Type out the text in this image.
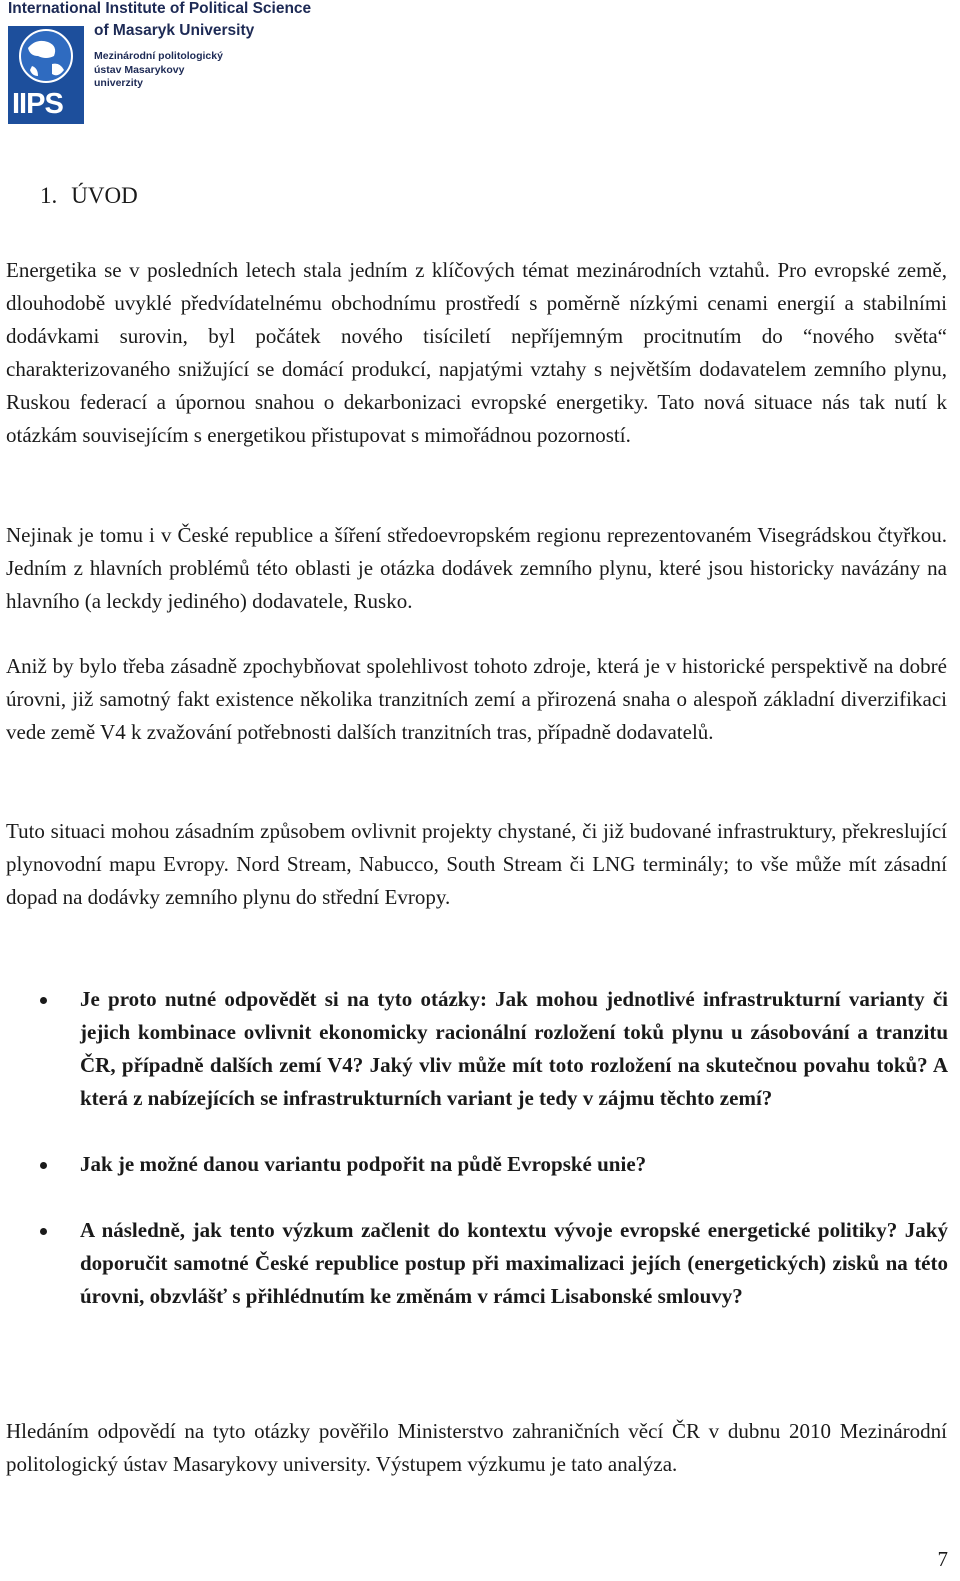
International Institute of Political Science
IIPS
of Masaryk University
Mezinárodní politologický
ústav Masarykovy
univerzity
1. ÚVOD

Energetika se v posledních letech stala jedním z klíčových témat mezinárodních vztahů. Pro evropské země, dlouhodobě uvyklé předvídatelnému obchodnímu prostředí s poměrně nízkými cenami energií a stabilními dodávkami surovin, byl počátek nového tisíciletí nepříjemným procitnutím do “nového světa“ charakterizovaného snižující se domácí produkcí, napjatými vztahy s největším dodavatelem zemního plynu, Ruskou federací a úpornou snahou o dekarbonizaci evropské energetiky. Tato nová situace nás tak nutí k otázkám souvisejícím s energetikou přistupovat s mimořádnou pozorností.

Nejinak je tomu i v České republice a šíření středoevropském regionu reprezentovaném Visegrádskou čtyřkou. Jedním z hlavních problémů této oblasti je otázka dodávek zemního plynu, které jsou historicky navázány na hlavního (a leckdy jediného) dodavatele, Rusko.

Aniž by bylo třeba zásadně zpochybňovat spolehlivost tohoto zdroje, která je v historické perspektivě na dobré úrovni, již samotný fakt existence několika tranzitních zemí a přirozená snaha o alespoň základní diverzifikaci vede země V4 k zvažování potřebnosti dalších tranzitních tras, případně dodavatelů.

Tuto situaci mohou zásadním způsobem ovlivnit projekty chystané, či již budované infrastruktury, překreslující plynovodní mapu Evropy. Nord Stream, Nabucco, South Stream či LNG terminály; to vše může mít zásadní dopad na dodávky zemního plynu do střední Evropy.

Je proto nutné odpovědět si na tyto otázky: Jak mohou jednotlivé infrastrukturní varianty či jejich kombinace ovlivnit ekonomicky racionální rozložení toků plynu u zásobování a tranzitu ČR, případně dalších zemí V4? Jaký vliv může mít toto rozložení na skutečnou povahu toků? A která z nabízejících se infrastrukturních variant je tedy v zájmu těchto zemí?
Jak je možné danou variantu podpořit na půdě Evropské unie?
A následně, jak tento výzkum začlenit do kontextu vývoje evropské energetické politiky? Jaký doporučit samotné České republice postup při maximalizaci jejích (energetických) zisků na této úrovni, obzvlášť s přihlédnutím ke změnám v rámci Lisabonské smlouvy?

Hledáním odpovědí na tyto otázky pověřilo Ministerstvo zahraničních věcí ČR v dubnu 2010 Mezinárodní politologický ústav Masarykovy university. Výstupem výzkumu je tato analýza.

7
